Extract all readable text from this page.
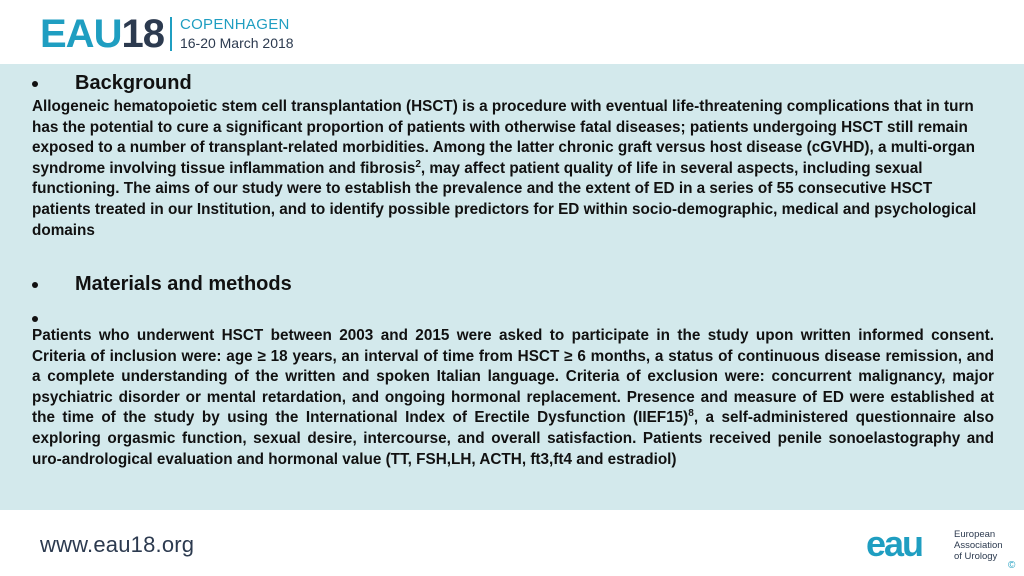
EAU18 COPENHAGEN
16-20 March 2018
Background

Allogeneic hematopoietic stem cell transplantation (HSCT) is a procedure with eventual life-threatening complications that in turn has the potential to cure a significant proportion of patients with otherwise fatal diseases; patients undergoing HSCT still remain exposed to a number of transplant-related morbidities. Among the latter chronic graft versus host disease (cGVHD), a multi-organ syndrome involving tissue inflammation and fibrosis$^2$, may affect patient quality of life in several aspects, including sexual functioning. The aims of our study were to establish the prevalence and the extent of ED in a series of 55 consecutive HSCT patients treated in our Institution, and to identify possible predictors for ED within socio-demographic, medical and psychological domains

Materials and methods

Patients who underwent HSCT between 2003 and 2015 were asked to participate in the study upon written informed consent. Criteria of inclusion were: age ≥ 18 years, an interval of time from HSCT ≥ 6 months, a status of continuous disease remission, and a complete understanding of the written and spoken Italian language. Criteria of exclusion were: concurrent malignancy, major psychiatric disorder or mental retardation, and ongoing hormonal replacement. Presence and measure of ED were established at the time of the study by using the International Index of Erectile Dysfunction (IIEF15)$^8$, a self-administered questionnaire also exploring orgasmic function, sexual desire, intercourse, and overall satisfaction. Patients received penile sonoelastography and uro-andrological evaluation and hormonal value (TT, FSH,LH, ACTH, ft3,ft4 and estradiol)

www.eau18.org	eau	European
Association
of Urology
©
